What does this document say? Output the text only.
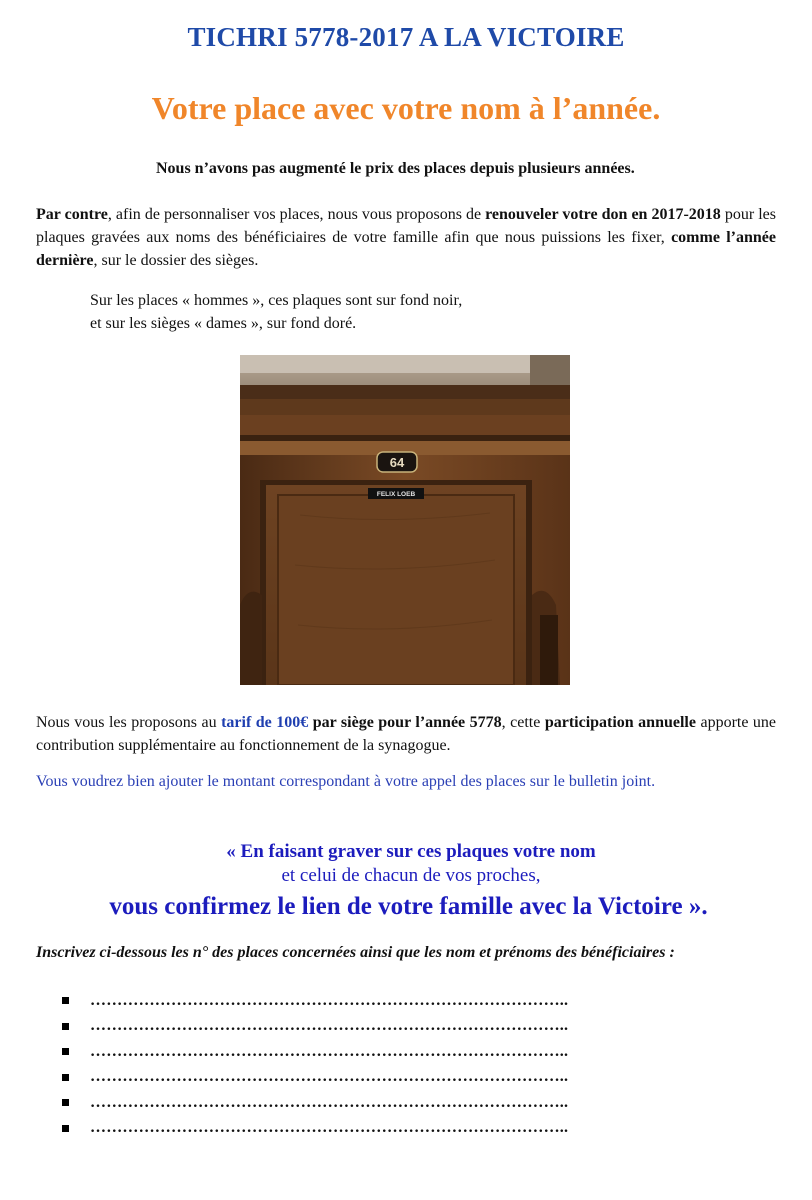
TICHRI 5778-2017 A LA VICTOIRE
Votre place avec votre nom à l’année.
Nous n’avons pas augmenté le prix des places depuis plusieurs années.
Par contre, afin de personnaliser vos places, nous vous proposons de renouveler votre don en 2017-2018 pour les plaques gravées aux noms des bénéficiaires de votre famille afin que nous puissions les fixer, comme l’année dernière, sur le dossier des sièges.
Sur les places « hommes », ces plaques sont sur fond noir,
et sur les sièges « dames », sur fond doré.
64
FELIX LOEB
Nous vous les proposons au tarif de 100€ par siège pour l’année 5778, cette participation annuelle apporte une contribution supplémentaire au fonctionnement de la synagogue.
Vous voudrez bien ajouter le montant correspondant à votre appel des places sur le bulletin joint.
« En faisant graver sur ces plaques votre nom
et celui de chacun de vos proches,
vous confirmez le lien de votre famille avec la Victoire ».
Inscrivez ci-dessous les n° des places concernées ainsi que les nom et prénoms des bénéficiaires :
……………………………………………………………………………..
……………………………………………………………………………..
……………………………………………………………………………..
……………………………………………………………………………..
……………………………………………………………………………..
……………………………………………………………………………..
